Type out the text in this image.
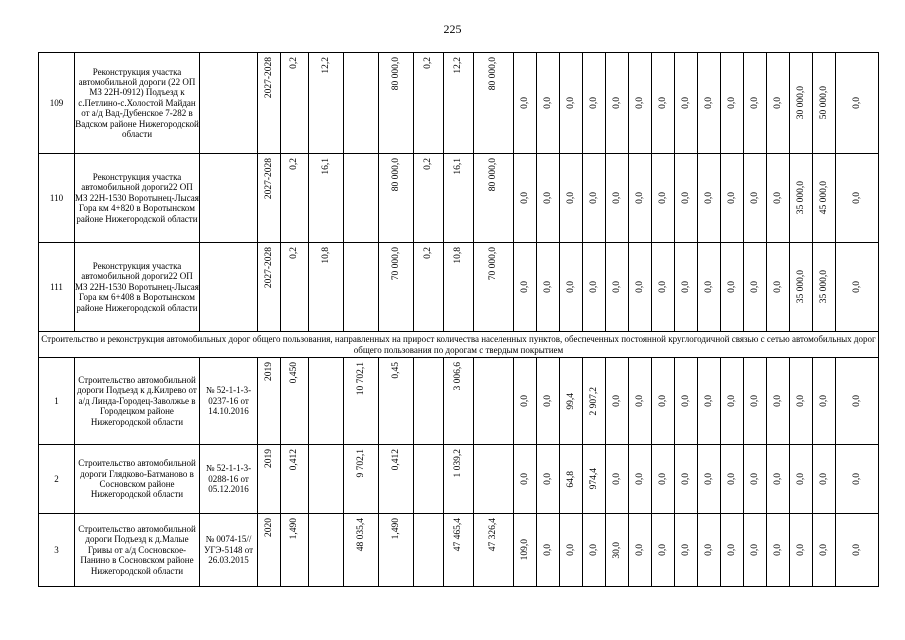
225
109	Реконструкция участка автомобильной дороги (22 ОП МЗ 22Н-0912) Подъезд к с.Петлино-с.Холостой Майдан от а/д Вад-Дубенское 7-282 в Вадском районе Нижегородской области		2027-2028	0,2	12,2		80 000,0	0,2	12,2	80 000,0	0,0	0,0	0,0	0,0	0,0	0,0	0,0	0,0	0,0	0,0	0,0	0,0	30 000,0	50 000,0	0,0

110	Реконструкция участка автомобильной дороги22 ОП МЗ 22Н-1530 Воротынец-Лысая Гора км 4+820 в Воротынском районе Нижегородской области		2027-2028	0,2	16,1		80 000,0	0,2	16,1	80 000,0	0,0	0,0	0,0	0,0	0,0	0,0	0,0	0,0	0,0	0,0	0,0	0,0	35 000,0	45 000,0	0,0

111	Реконструкция участка автомобильной дороги22 ОП МЗ 22Н-1530 Воротынец-Лысая Гора км 6+408 в Воротынском районе Нижегородской области		2027-2028	0,2	10,8		70 000,0	0,2	10,8	70 000,0	0,0	0,0	0,0	0,0	0,0	0,0	0,0	0,0	0,0	0,0	0,0	0,0	35 000,0	35 000,0	0,0

Строительство и реконструкция автомобильных дорог общего пользования, направленных на прирост количества населенных пунктов, обеспеченных постоянной круглогодичной связью с сетью автомобильных дорог общего пользования по дорогам с твердым покрытием																									
1	Строительство автомобильной дороги Подъезд к д.Килрево от а/д Линда-Городец-Заволжье в Городецком районе Нижегородской области	№ 52-1-1-3-0237-16 от 14.10.2016	2019	0,450		10 702,1	0,45		3 006,6		0,0	0,0	99,4	2 907,2	0,0	0,0	0,0	0,0	0,0	0,0	0,0	0,0	0,0	0,0	0,0

2	Строительство автомобильной дороги Глядково-Батманово в Сосновском районе Нижегородской области	№ 52-1-1-3-0288-16 от 05.12.2016	2019	0,412		9 702,1	0,412		1 039,2		0,0	0,0	64,8	974,4	0,0	0,0	0,0	0,0	0,0	0,0	0,0	0,0	0,0	0,0	0,0

3	Строительство автомобильной дороги Подъезд к д.Малые Гривы от а/д Сосновское-Панино в Сосновском районе Нижегородской области	№ 0074-15//УГЭ-5148 от 26.03.2015	2020	1,490		48 035,4	1,490		47 465,4	47 326,4	109,0	0,0	0,0	0,0	30,0	0,0	0,0	0,0	0,0	0,0	0,0	0,0	0,0	0,0	0,0
